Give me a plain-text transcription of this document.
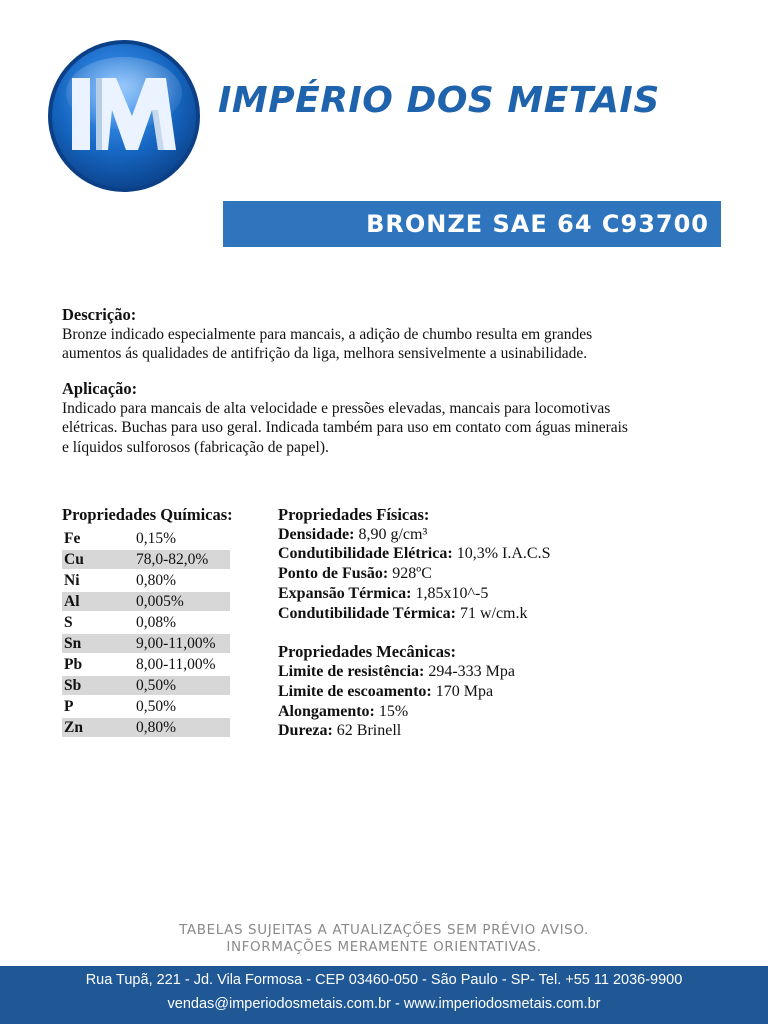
IMPÉRIO DOS METAIS
BRONZE SAE 64 C93700
Descrição:

Bronze indicado especialmente para mancais, a adição de chumbo resulta em grandes

aumentos ás qualidades de antifrição da liga, melhora sensivelmente a usinabilidade.

Aplicação:

Indicado para mancais de alta velocidade e pressões elevadas, mancais para locomotivas

elétricas. Buchas para uso geral. Indicada também para uso em contato com águas minerais

e líquidos sulforosos (fabricação de papel).

Propriedades Químicas:
Fe	0,15%
Cu	78,0-82,0%
Ni	0,80%
Al	0,005%
S	0,08%
Sn	9,00-11,00%
Pb	8,00-11,00%
Sb	0,50%
P	0,50%
Zn	0,80%
Propriedades Físicas:
Densidade: 8,90 g/cm³
Condutibilidade Elétrica: 10,3% I.A.C.S
Ponto de Fusão: 928ºC
Expansão Térmica: 1,85x10^-5
Condutibilidade Térmica: 71 w/cm.k
Propriedades Mecânicas:
Limite de resistência: 294-333 Mpa
Limite de escoamento: 170 Mpa
Alongamento: 15%
Dureza: 62 Brinell
TABELAS SUJEITAS A ATUALIZAÇÕES SEM PRÉVIO AVISO.
INFORMAÇÕES MERAMENTE ORIENTATIVAS.
Rua Tupã, 221 - Jd. Vila Formosa - CEP 03460-050 - São Paulo - SP- Tel. +55 11 2036-9900
vendas@imperiodosmetais.com.br - www.imperiodosmetais.com.br
